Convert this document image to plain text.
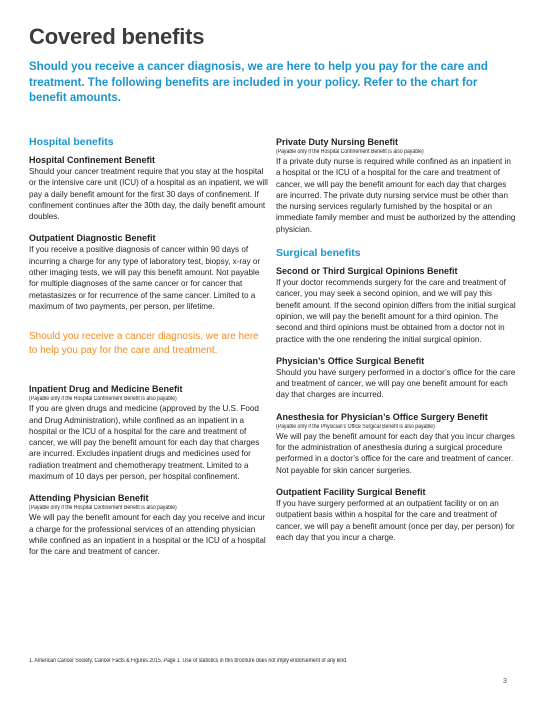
Covered benefits

Should you receive a cancer diagnosis, we are here to help you pay for the care and treatment. The following benefits are included in your policy. Refer to the chart for benefit amounts.

Hospital benefits

Hospital Confinement Benefit

Should your cancer treatment require that you stay at the hospital or the intensive care unit (ICU) of a hospital as an inpatient, we will pay a daily benefit amount for the first 30 days of confinement. If confinement continues after the 30th day, the daily benefit amount doubles.

Outpatient Diagnostic Benefit

If you receive a positive diagnosis of cancer within 90 days of incurring a charge for any type of laboratory test, biopsy, x-ray or other imaging tests, we will pay this benefit amount. Not payable for multiple diagnoses of the same cancer or for cancer that metastasizes or for recurrence of the same cancer. Limited to a maximum of two payments, per person, per lifetime.

Should you receive a cancer diagnosis, we are here to help you pay for the care and treatment.

Inpatient Drug and Medicine Benefit

(Payable only if the Hospital Confinement Benefit is also payable)

If you are given drugs and medicine (approved by the U.S. Food and Drug Administration), while confined as an inpatient in a hospital or the ICU of a hospital for the care and treatment of cancer, we will pay the benefit amount for each day that charges are incurred. Excludes inpatient drugs and medicines used for radiation treatment and chemotherapy treatment. Limited to a maximum of 10 days per person, per hospital confinement.

Attending Physician Benefit

(Payable only if the Hospital Confinement Benefit is also payable)

We will pay the benefit amount for each day you receive and incur a charge for the professional services of an attending physician while confined as an inpatient in a hospital or the ICU of a hospital for the care and treatment of cancer.

Private Duty Nursing Benefit

(Payable only if the Hospital Confinement Benefit is also payable)

If a private duty nurse is required while confined as an inpatient in a hospital or the ICU of a hospital for the care and treatment of cancer, we will pay the benefit amount for each day that charges are incurred. The private duty nursing service must be other than the nursing services regularly furnished by the hospital or an immediate family member and must be authorized by the attending physician.

Surgical benefits

Second or Third Surgical Opinions Benefit

If your doctor recommends surgery for the care and treatment of cancer, you may seek a second opinion, and we will pay this benefit amount. If the second opinion differs from the initial surgical opinion, we will pay the benefit amount for a third opinion. The second and third opinions must be obtained from a doctor not in practice with the one rendering the initial surgical opinion.

Physician’s Office Surgical Benefit

Should you have surgery performed in a doctor’s office for the care and treatment of cancer, we will pay one benefit amount for each day that charges are incurred.

Anesthesia for Physician’s Office Surgery Benefit

(Payable only if the Physician’s Office Surgical Benefit is also payable)

We will pay the benefit amount for each day that you incur charges for the administration of anesthesia during a surgical procedure performed in a doctor’s office for the care and treatment of cancer. Not payable for skin cancer surgeries.

Outpatient Facility Surgical Benefit

If you have surgery performed at an outpatient facility or on an outpatient basis within a hospital for the care and treatment of cancer, we will pay a benefit amount (once per day, per person) for each day that you incur a charge.

1. American Cancer Society, Cancer Facts & Figures 2015, Page 1. Use of statistics in this brochure does not imply endorsement of any kind.

3
